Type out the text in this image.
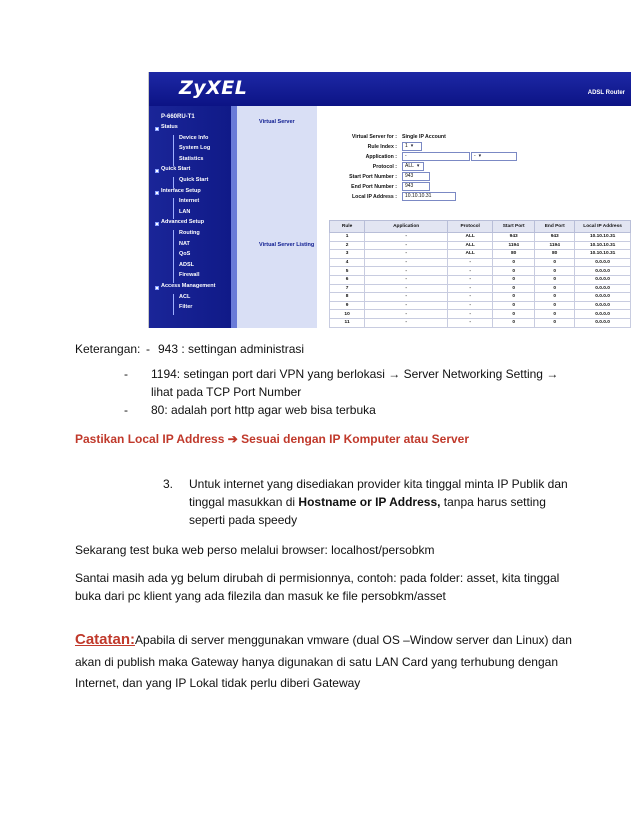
ZyXEL	ADSL Router
P-660RU-T1
Status
Device Info
System Log
Statistics
Quick Start
Quick Start
Interface Setup
Internet
LAN
Advanced Setup
Routing
NAT
QoS
ADSL
Firewall
Access Management
ACL
Filter
Virtual Server
Virtual Server Listing
Virtual Server for : Single IP Account
Rule Index :	1 ▾
Application :	-	- ▾
Protocol :	ALL ▾
Start Port Number :	943
End Port Number :	943
Local IP Address :	10.10.10.31
Rule	Application	Protocol	Start Port	End Port	Local IP Address
1	-	ALL	943	943	10.10.10.31
2	-	ALL	1194	1194	10.10.10.31
3	-	ALL	80	80	10.10.10.31
4	-	-	0	0	0.0.0.0
5	-	-	0	0	0.0.0.0
6	-	-	0	0	0.0.0.0
7	-	-	0	0	0.0.0.0
8	-	-	0	0	0.0.0.0
9	-	-	0	0	0.0.0.0
10	-	-	0	0	0.0.0.0
11	-	-	0	0	0.0.0.0
Keterangan: - 943 : settingan administrasi
- 1194: setingan port dari VPN yang berlokasi → Server Networking Setting →
lihat pada TCP Port Number
- 80: adalah port http agar web bisa terbuka
Pastikan Local IP Address ➔ Sesuai dengan IP Komputer atau Server
3. Untuk internet yang disediakan provider kita tinggal minta IP Publik dan
tinggal masukkan di Hostname or IP Address, tanpa harus setting
seperti pada speedy
Sekarang test buka web perso melalui browser: localhost/persobkm
Santai masih ada yg belum dirubah di permisionnya, contoh: pada folder: asset, kita tinggal
buka dari pc klient yang ada filezila dan masuk ke file persobkm/asset
Catatan:Apabila di server menggunakan vmware (dual OS –Window server dan Linux) dan
akan di publish maka Gateway hanya digunakan di satu LAN Card yang terhubung dengan
Internet, dan yang IP Lokal tidak perlu diberi Gateway
